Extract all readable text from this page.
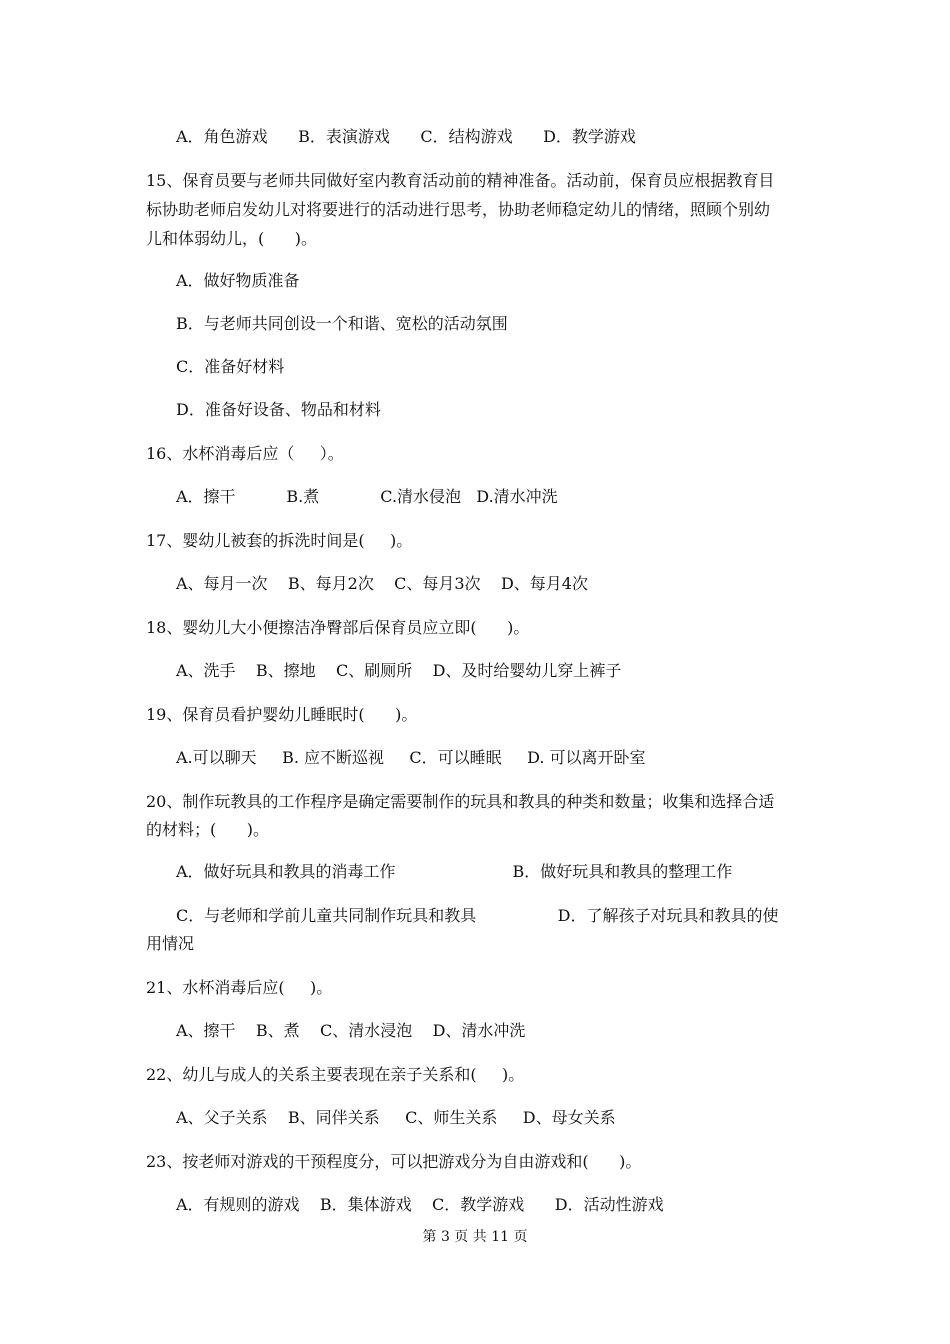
A．角色游戏      B．表演游戏      C．结构游戏      D．教学游戏
15、保育员要与老师共同做好室内教育活动前的精神准备。活动前，保育员应根据教育目
标协助老师启发幼儿对将要进行的活动进行思考，协助老师稳定幼儿的情绪，照顾个别幼
儿和体弱幼儿，(      )。
A．做好物质准备
B．与老师共同创设一个和谐、宽松的活动氛围
C．准备好材料
D．准备好设备、物品和材料
16、水杯消毒后应（     ）。
A．擦干          B.煮            C.清水侵泡   D.清水冲洗
17、婴幼儿被套的拆洗时间是(     )。
A、每月一次    B、每月2次    C、每月3次    D、每月4次
18、婴幼儿大小便擦洁净臀部后保育员应立即(      )。
A、洗手    B、擦地    C、刷厕所    D、及时给婴幼儿穿上裤子
19、保育员看护婴幼儿睡眠时(      )。
A.可以聊天     B. 应不断巡视     C．可以睡眠     D. 可以离开卧室
20、制作玩教具的工作程序是确定需要制作的玩具和教具的种类和数量；收集和选择合适
的材料；(      )。
A．做好玩具和教具的消毒工作                       B．做好玩具和教具的整理工作
C．与老师和学前儿童共同制作玩具和教具                D．了解孩子对玩具和教具的使
用情况
21、水杯消毒后应(     )。
A、擦干    B、煮    C、清水浸泡    D、清水冲洗
22、幼儿与成人的关系主要表现在亲子关系和(     )。
A、父子关系    B、同伴关系     C、师生关系     D、母女关系
23、按老师对游戏的干预程度分，可以把游戏分为自由游戏和(      )。
A．有规则的游戏    B．集体游戏    C．教学游戏      D．活动性游戏
第 3 页 共 11 页
